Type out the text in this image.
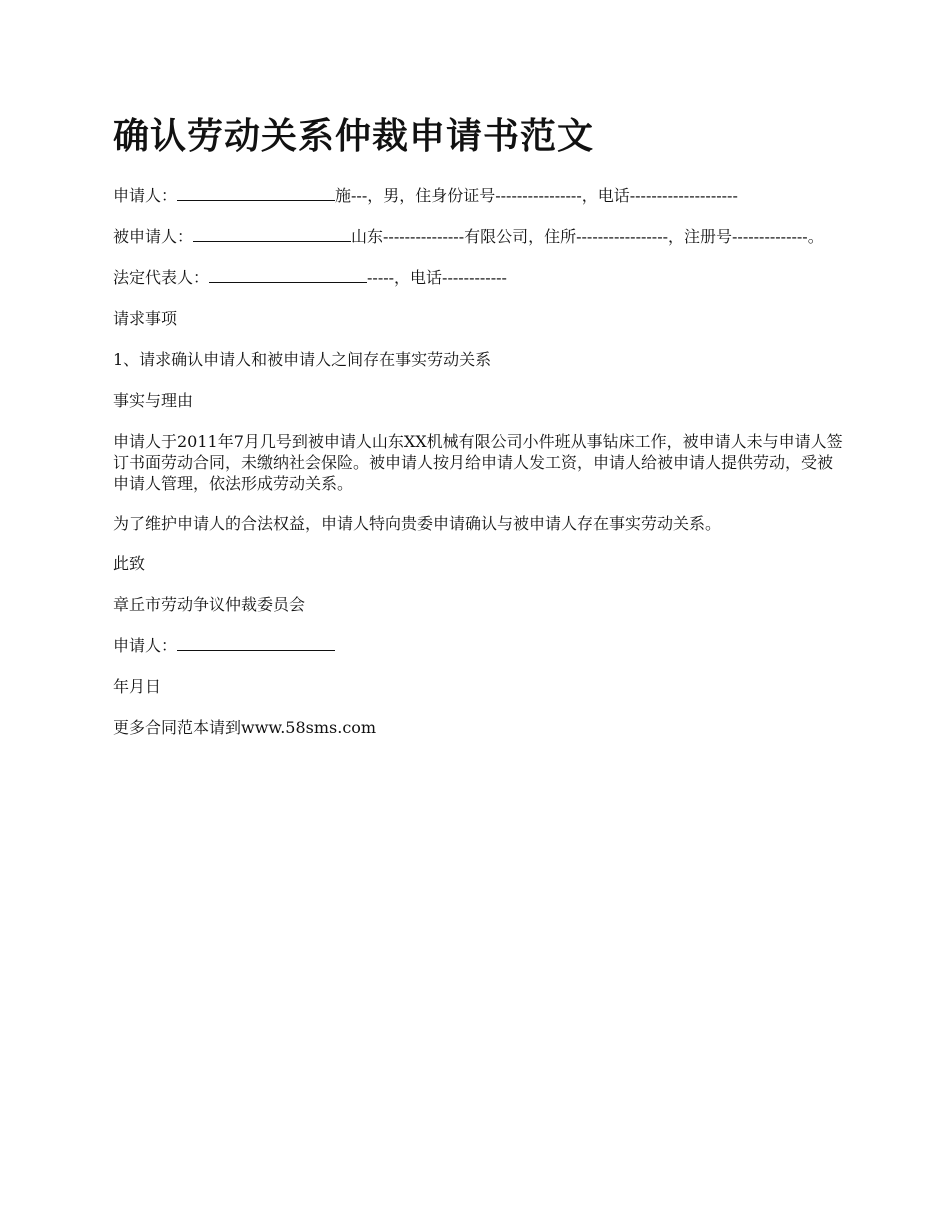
确认劳动关系仲裁申请书范文

申请人：	施---，男，住身份证号----------------，电话--------------------

被申请人：	山东---------------有限公司，住所-----------------，注册号--------------。

法定代表人：	-----，电话------------

请求事项

1、请求确认申请人和被申请人之间存在事实劳动关系

事实与理由

申请人于2011年7月几号到被申请人山东XX机械有限公司小件班从事钻床工作，被申请人未与申请人签订书面劳动合同，未缴纳社会保险。被申请人按月给申请人发工资，申请人给被申请人提供劳动，受被申请人管理，依法形成劳动关系。

为了维护申请人的合法权益，申请人特向贵委申请确认与被申请人存在事实劳动关系。

此致

章丘市劳动争议仲裁委员会

申请人：

年月日

更多合同范本请到www.58sms.com
